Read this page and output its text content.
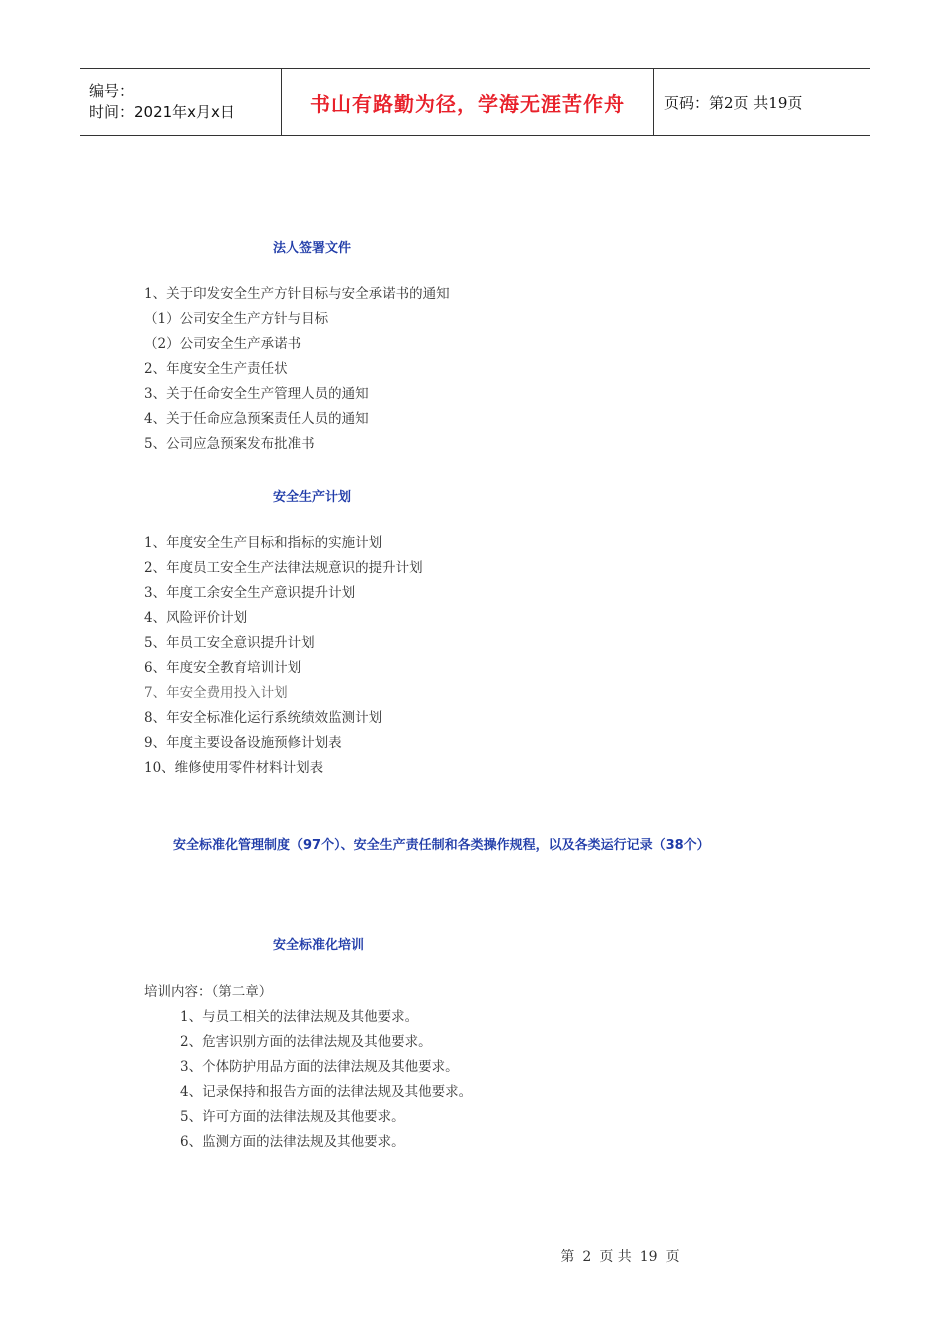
编号：
时间：2021年x月x日	书山有路勤为径，学海无涯苦作舟	页码：第2页 共19页
法人签署文件
1、关于印发安全生产方针目标与安全承诺书的通知
（1）公司安全生产方针与目标
（2）公司安全生产承诺书
2、年度安全生产责任状
3、关于任命安全生产管理人员的通知
4、关于任命应急预案责任人员的通知
5、公司应急预案发布批准书
安全生产计划
1、年度安全生产目标和指标的实施计划
2、年度员工安全生产法律法规意识的提升计划
3、年度工余安全生产意识提升计划
4、风险评价计划
5、年员工安全意识提升计划
6、年度安全教育培训计划
7、年安全费用投入计划
8、年安全标准化运行系统绩效监测计划
9、年度主要设备设施预修计划表
10、维修使用零件材料计划表
安全标准化管理制度（97个）、安全生产责任制和各类操作规程，以及各类运行记录（38个）
安全标准化培训
培训内容：（第二章）
1、与员工相关的法律法规及其他要求。
2、危害识别方面的法律法规及其他要求。
3、个体防护用品方面的法律法规及其他要求。
4、记录保持和报告方面的法律法规及其他要求。
5、许可方面的法律法规及其他要求。
6、监测方面的法律法规及其他要求。
第 2 页 共 19 页
